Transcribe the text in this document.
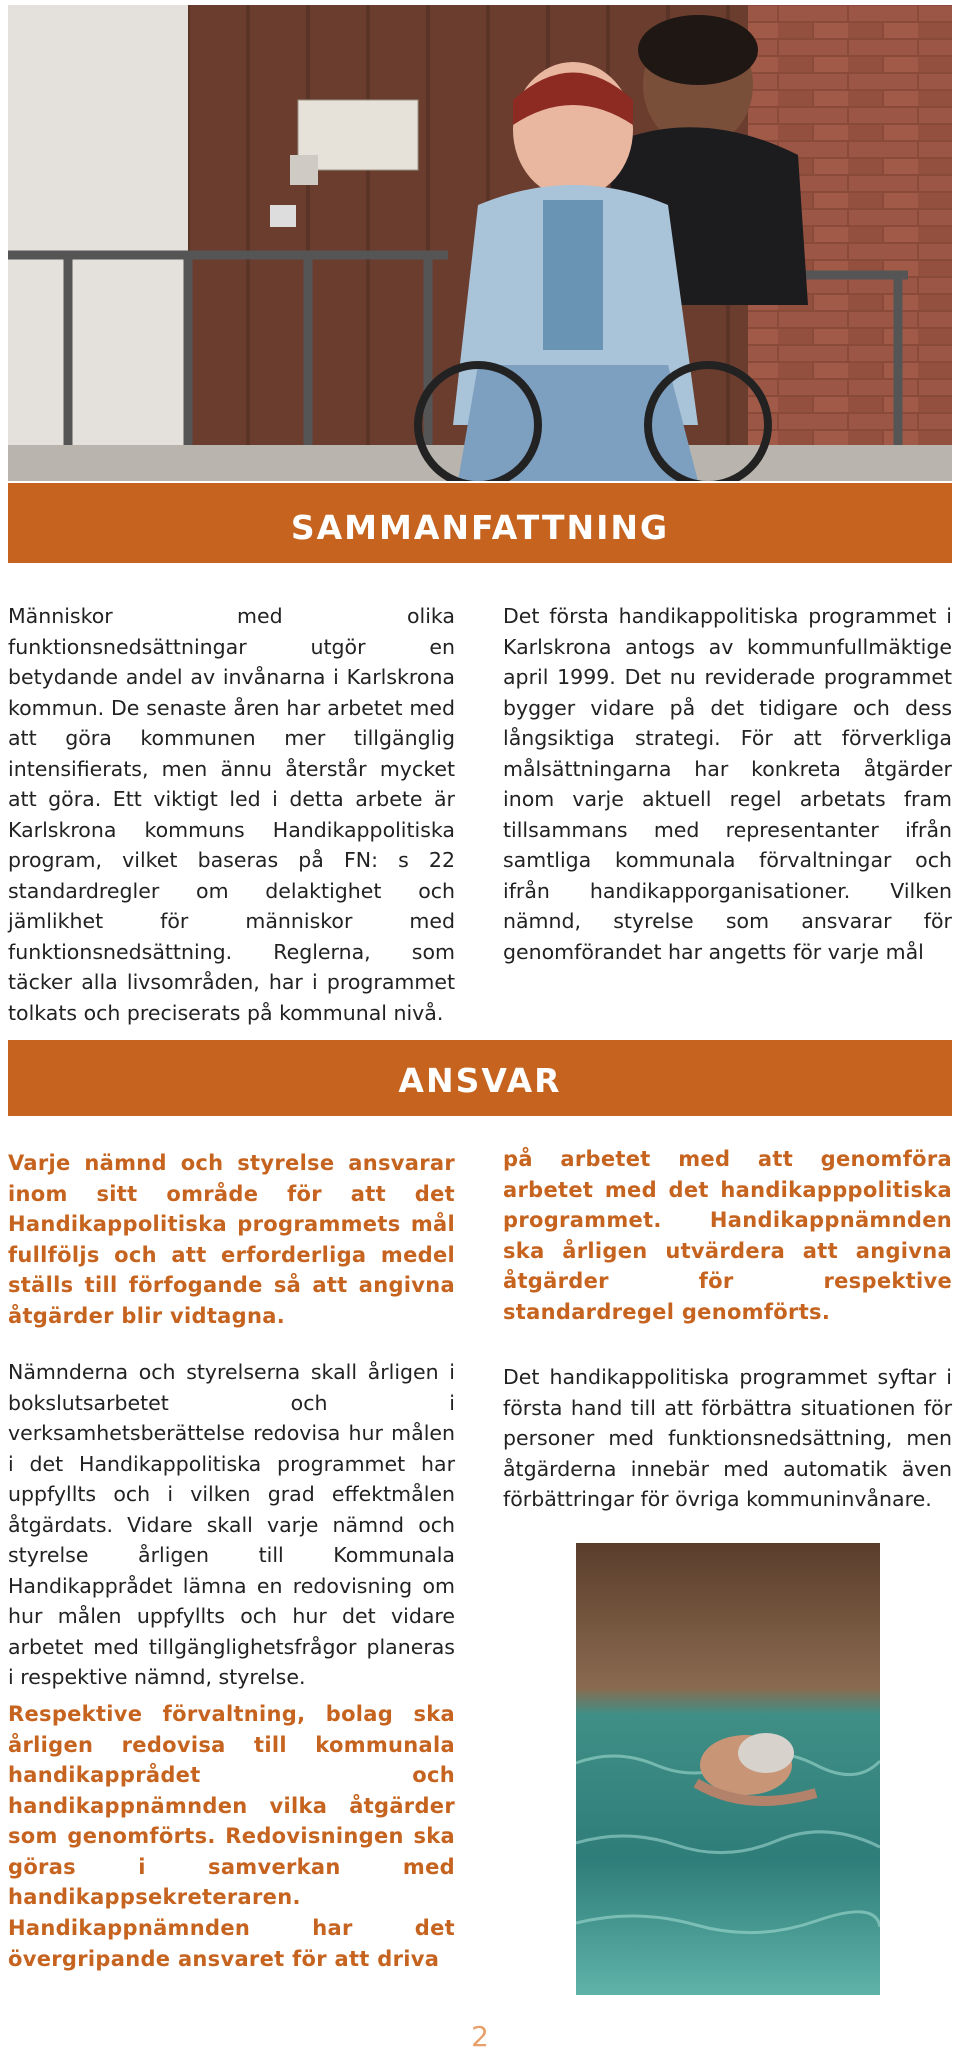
SAMMANFATTNING

Människor med olika funktionsnedsättningar utgör en betydande andel av invånarna i Karlskrona kommun. De senaste åren har arbetet med att göra kommunen mer tillgänglig intensifierats, men ännu återstår mycket att göra. Ett viktigt led i detta arbete är Karlskrona kommuns Handikappolitiska program, vilket baseras på FN: s 22 standardregler om delaktighet och jämlikhet för människor med funktionsnedsättning. Reglerna, som täcker alla livsområden, har i programmet tolkats och preciserats på kommunal nivå.

Det första handikappolitiska programmet i Karlskrona antogs av kommunfullmäktige april 1999. Det nu reviderade programmet bygger vidare på det tidigare och dess långsiktiga strategi. För att förverkliga målsättningarna har konkreta åtgärder inom varje aktuell regel arbetats fram tillsammans med representanter ifrån samtliga kommunala förvaltningar och ifrån handikapporganisationer. Vilken nämnd, styrelse som ansvarar för genomförandet har angetts för varje mål

ANSVAR

Varje nämnd och styrelse ansvarar inom sitt område för att det Handikappolitiska programmets mål fullföljs och att erforderliga medel ställs till förfogande så att angivna åtgärder blir vidtagna.

Nämnderna och styrelserna skall årligen i bokslutsarbetet och i verksamhetsberättelse redovisa hur målen i det Handikappolitiska programmet har uppfyllts och i vilken grad effektmålen åtgärdats. Vidare skall varje nämnd och styrelse årligen till Kommunala Handikapprådet lämna en redovisning om hur målen uppfyllts och hur det vidare arbetet med tillgänglighetsfrågor planeras i respektive nämnd, styrelse.

Respektive förvaltning, bolag ska årligen redovisa till kommunala handikapprådet och handikappnämnden vilka åtgärder som genomförts. Redovisningen ska göras i samverkan med handikappsekreteraren.

Handikappnämnden har det övergripande ansvaret för att driva

på arbetet med att genomföra arbetet med det handikapppolitiska programmet. Handikappnämnden ska årligen utvärdera att angivna åtgärder för respektive standardregel genomförts.

Det handikappolitiska programmet syftar i första hand till att förbättra situationen för personer med funktionsnedsättning, men åtgärderna innebär med automatik även förbättringar för övriga kommuninvånare.

2
